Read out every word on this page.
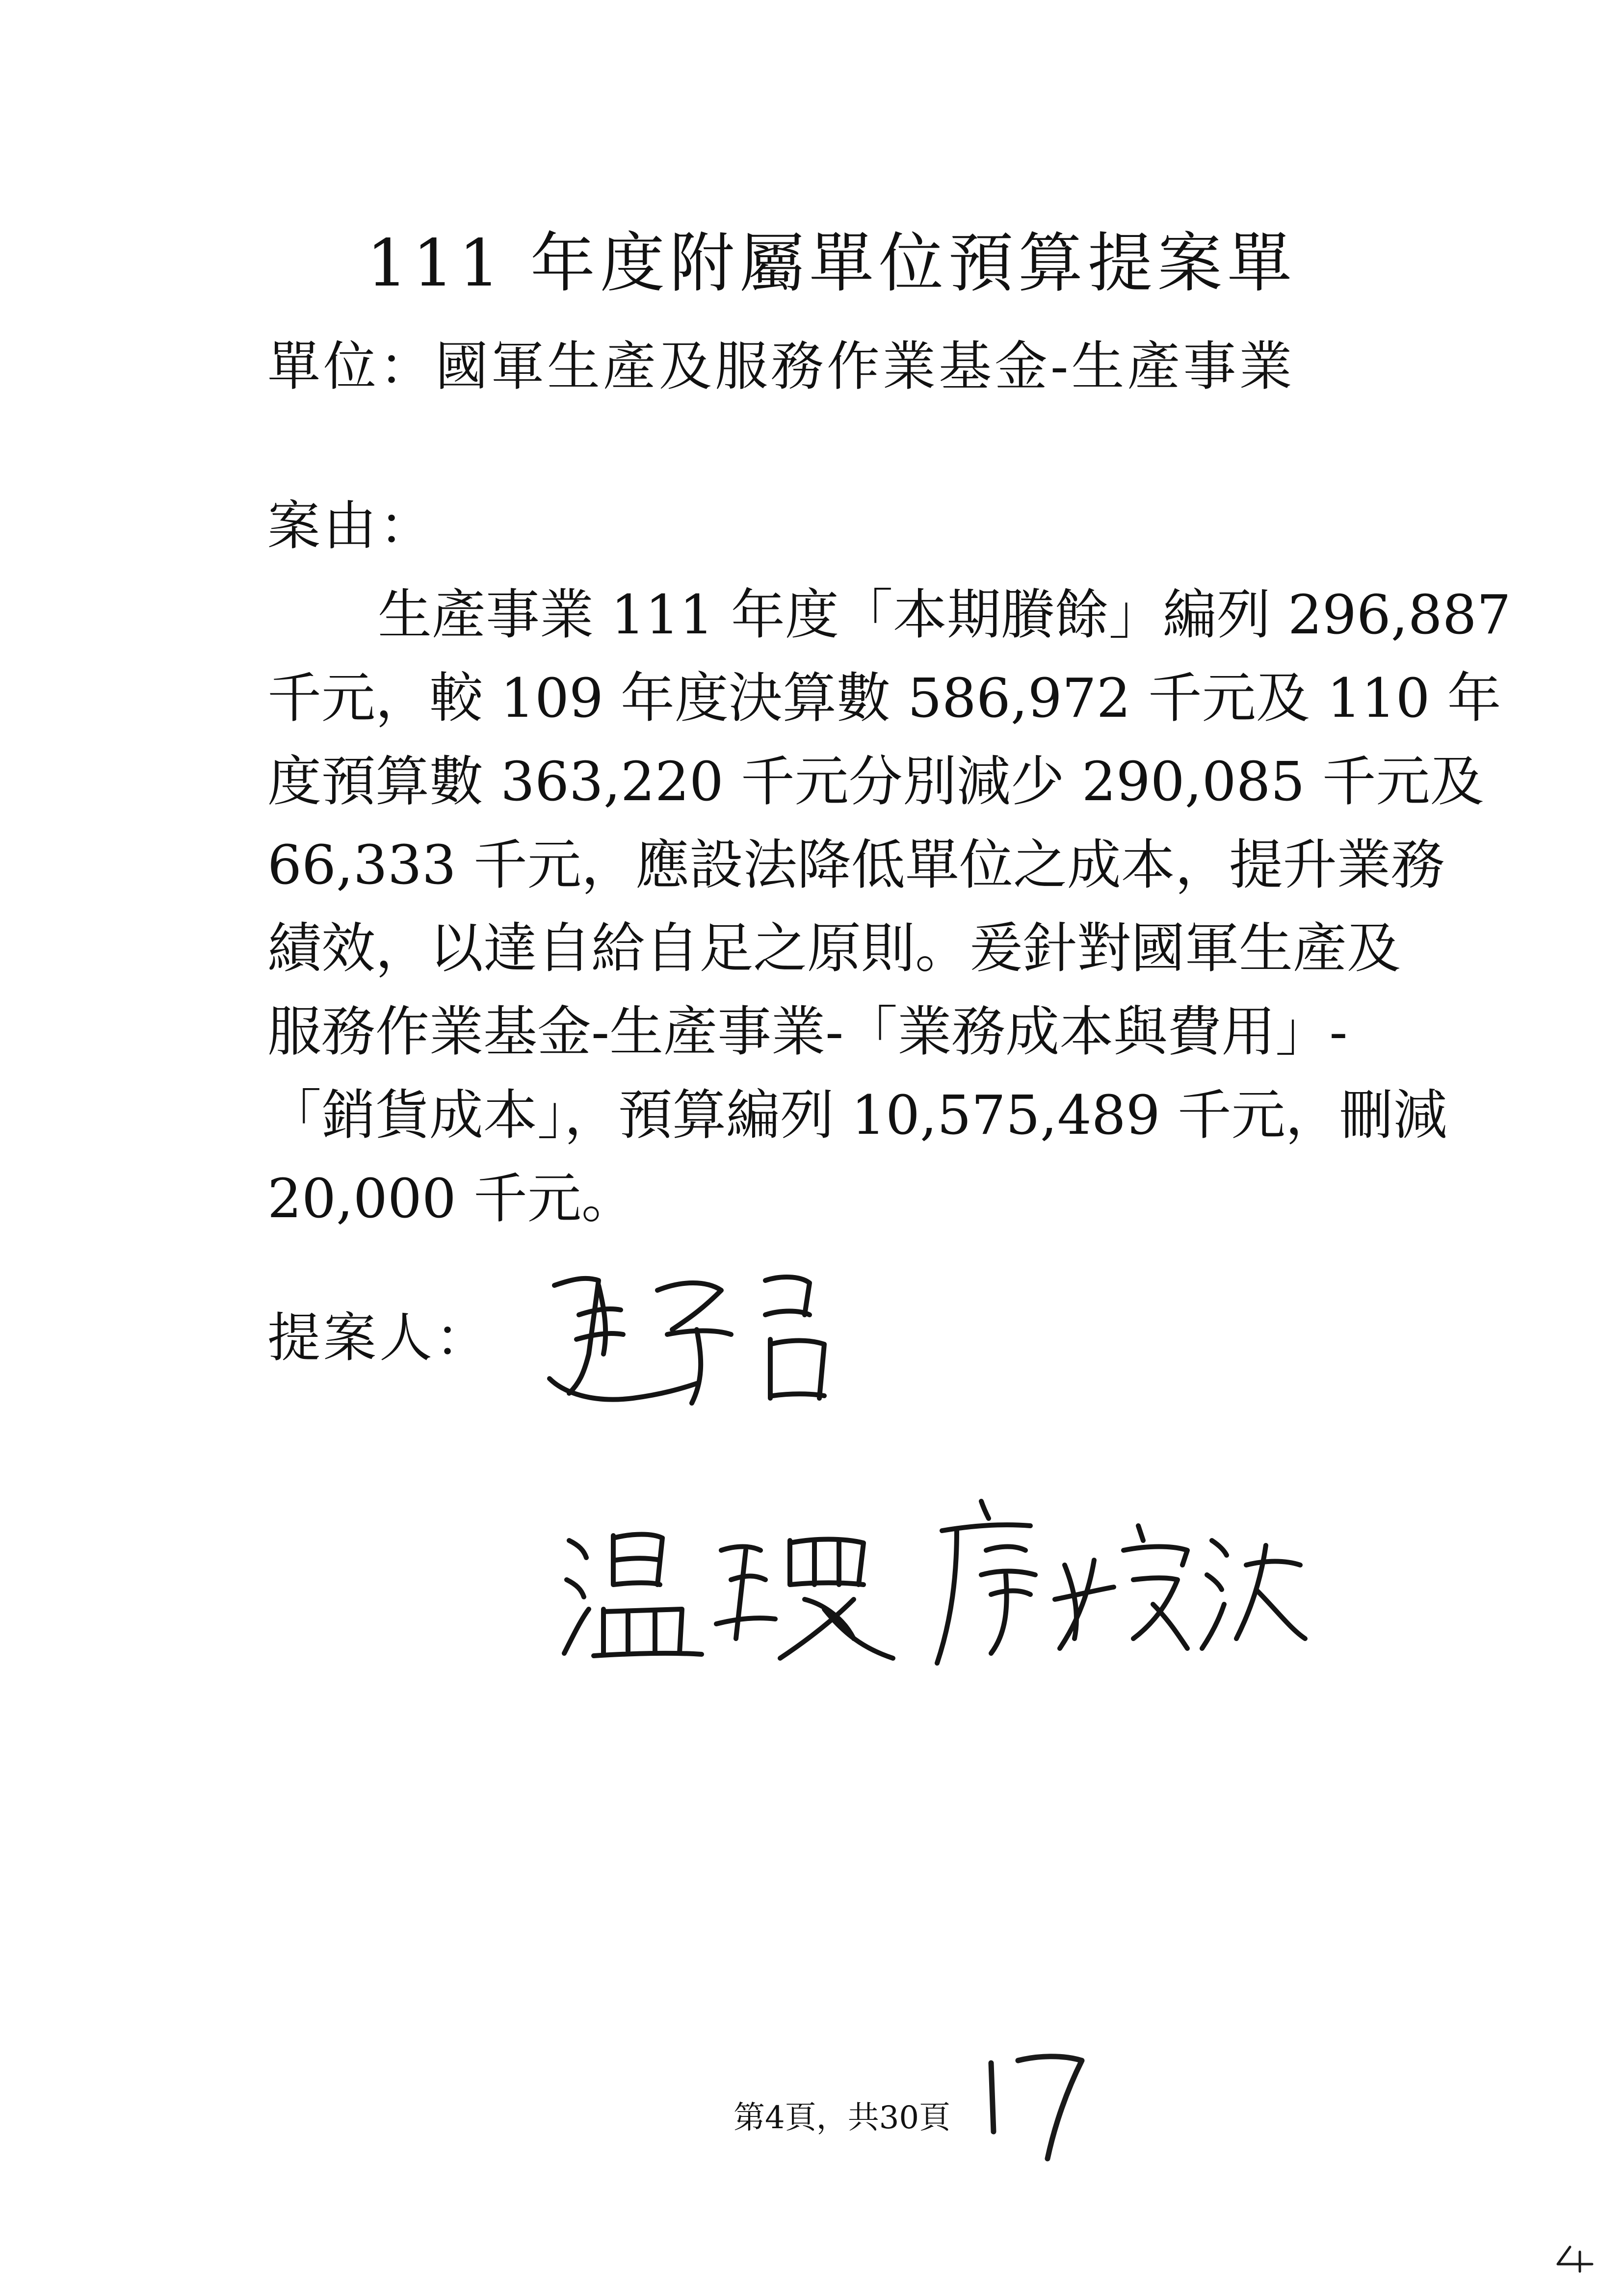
111 年度附屬單位預算提案單
單位：國軍生產及服務作業基金-生產事業
案由：
生產事業 111 年度「本期賸餘」編列 296,887
千元，較 109 年度決算數 586,972 千元及 110 年
度預算數 363,220 千元分別減少 290,085 千元及
66,333 千元，應設法降低單位之成本，提升業務
績效，以達自給自足之原則。爰針對國軍生產及
服務作業基金-生產事業-「業務成本與費用」-
「銷貨成本」，預算編列 10,575,489 千元，刪減
20,000 千元。
提案人：
第4頁，共30頁
